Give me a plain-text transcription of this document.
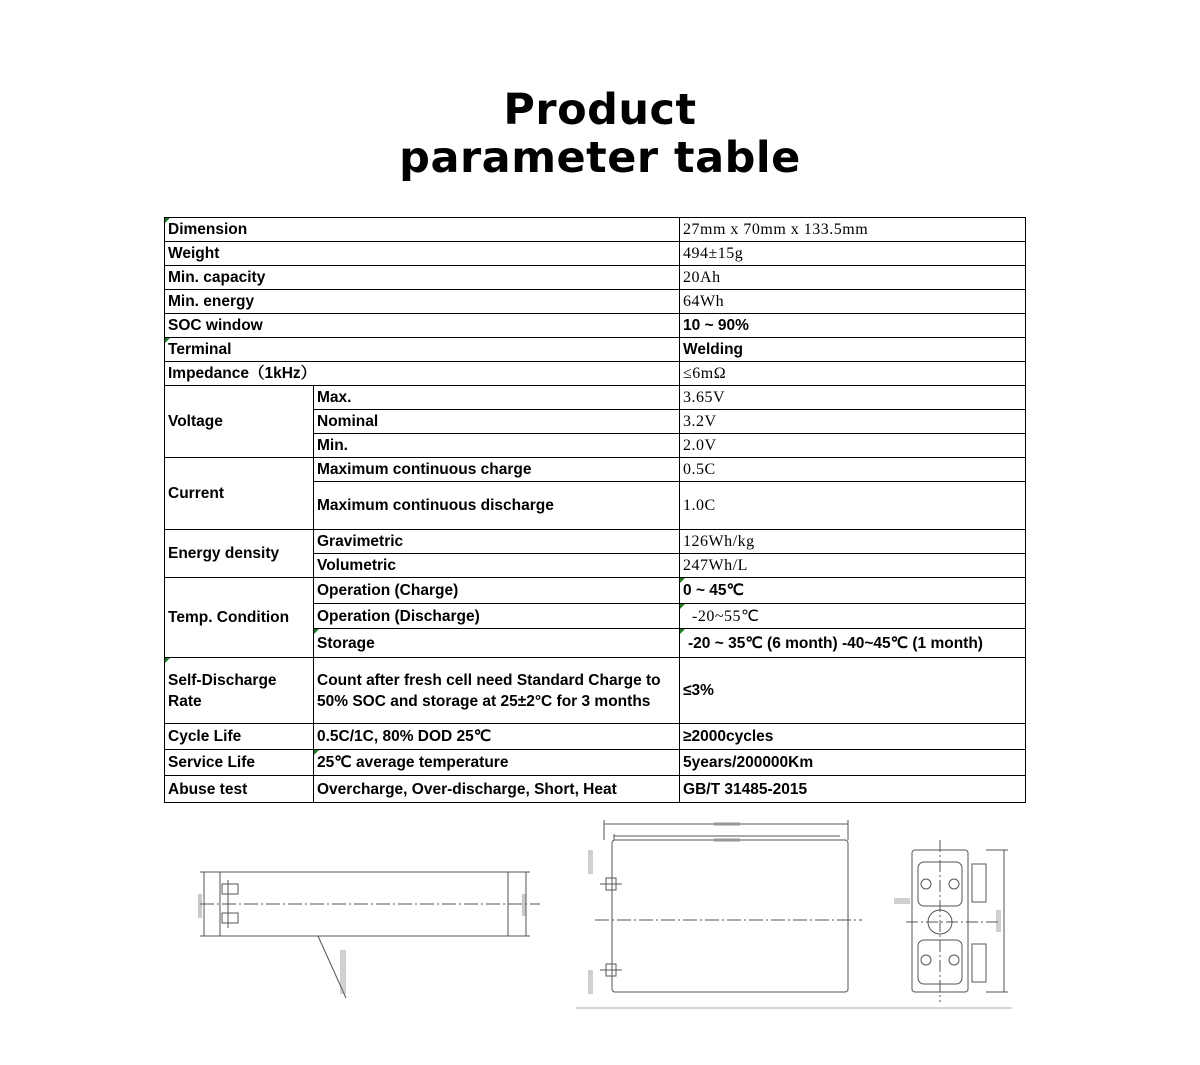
Product
parameter table
Dimension		27mm x 70mm x 133.5mm
Weight		494±15g
Min. capacity		20Ah
Min. energy		64Wh
SOC window		10 ~ 90%
Terminal		Welding
Impedance（1kHz）		≤6mΩ
Voltage	Max.	3.65V
	Nominal	3.2V
	Min.	2.0V
Current	Maximum continuous charge	0.5C
	Maximum continuous discharge	1.0C
Energy density	Gravimetric	126Wh/kg
	Volumetric	247Wh/L
Temp. Condition	Operation (Charge)	0 ~ 45℃
	Operation (Discharge)	-20~55℃
	Storage	-20 ~ 35℃ (6 month) -40~45℃ (1 month)
Self-Discharge Rate	Count after fresh cell need Standard Charge to 50% SOC and storage at 25±2°C for 3 months	≤3%
Cycle Life	0.5C/1C, 80% DOD 25℃	≥2000cycles
Service Life	25℃ average temperature	5years/200000Km
Abuse test	Overcharge, Over-discharge, Short, Heat	GB/T 31485-2015
